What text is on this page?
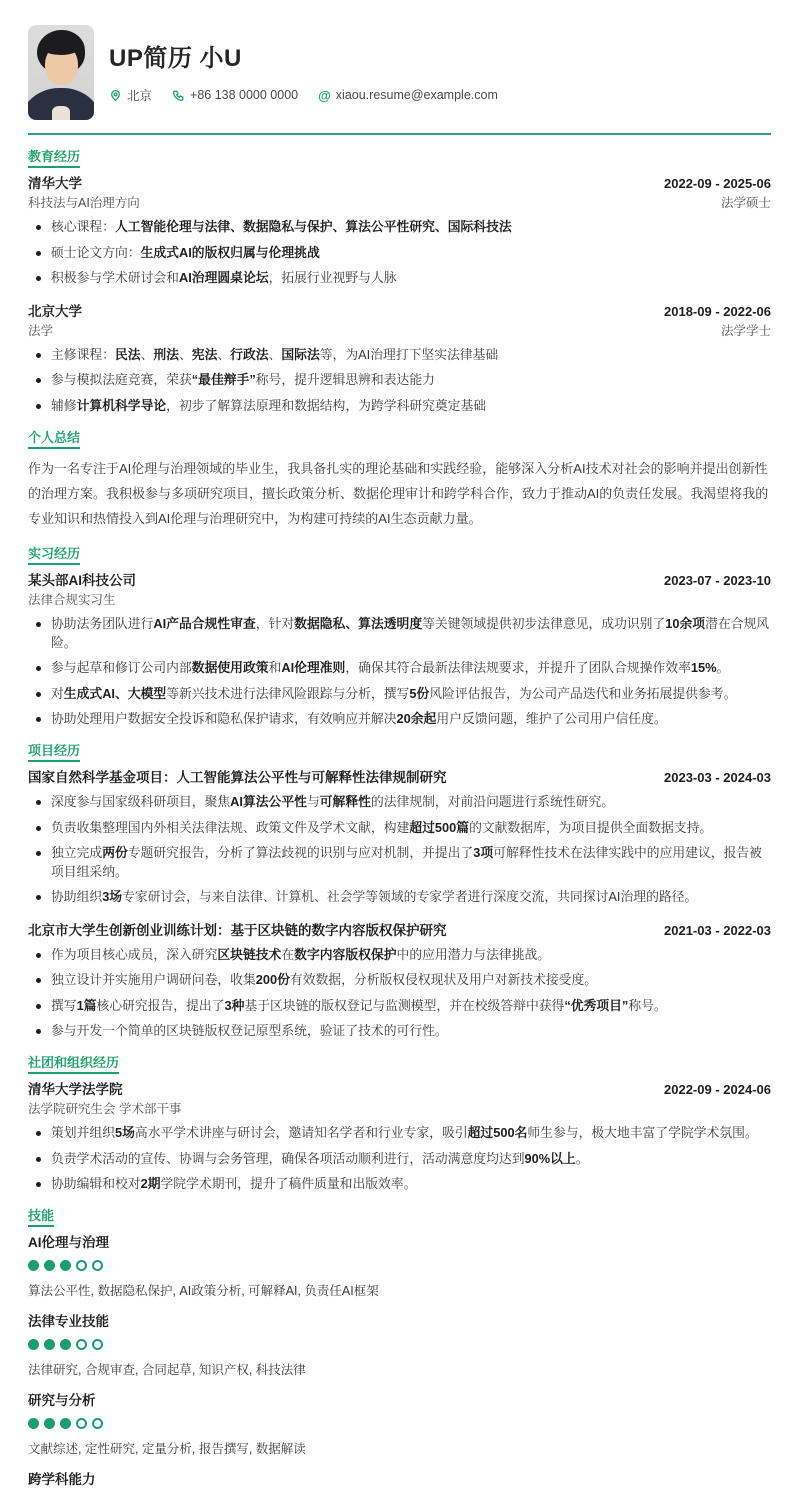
UP简历 小U
北京	+86 138 0000 0000 @ xiaou.resume@example.com
教育经历
清华大学	2022-09 - 2025-06
科技法与AI治理方向	法学硕士
核心课程：人工智能伦理与法律、数据隐私与保护、算法公平性研究、国际科技法
硕士论文方向：生成式AI的版权归属与伦理挑战
积极参与学术研讨会和AI治理圆桌论坛，拓展行业视野与人脉
北京大学	2018-09 - 2022-06
法学	法学学士
主修课程：民法、刑法、宪法、行政法、国际法等，为AI治理打下坚实法律基础
参与模拟法庭竞赛，荣获“最佳辩手”称号，提升逻辑思辨和表达能力
辅修计算机科学导论，初步了解算法原理和数据结构，为跨学科研究奠定基础
个人总结
作为一名专注于AI伦理与治理领域的毕业生，我具备扎实的理论基础和实践经验，能够深入分析AI技术对社会的影响并提出创新性的治理方案。我积极参与多项研究项目，擅长政策分析、数据伦理审计和跨学科合作，致力于推动AI的负责任发展。我渴望将我的专业知识和热情投入到AI伦理与治理研究中，为构建可持续的AI生态贡献力量。
实习经历
某头部AI科技公司	2023-07 - 2023-10
法律合规实习生
协助法务团队进行AI产品合规性审查，针对数据隐私、算法透明度等关键领域提供初步法律意见，成功识别了10余项潜在合规风险。
参与起草和修订公司内部数据使用政策和AI伦理准则，确保其符合最新法律法规要求，并提升了团队合规操作效率15%。
对生成式AI、大模型等新兴技术进行法律风险跟踪与分析，撰写5份风险评估报告，为公司产品迭代和业务拓展提供参考。
协助处理用户数据安全投诉和隐私保护请求，有效响应并解决20余起用户反馈问题，维护了公司用户信任度。
项目经历
国家自然科学基金项目：人工智能算法公平性与可解释性法律规制研究	2023-03 - 2024-03
深度参与国家级科研项目，聚焦AI算法公平性与可解释性的法律规制，对前沿问题进行系统性研究。
负责收集整理国内外相关法律法规、政策文件及学术文献，构建超过500篇的文献数据库，为项目提供全面数据支持。
独立完成两份专题研究报告，分析了算法歧视的识别与应对机制，并提出了3项可解释性技术在法律实践中的应用建议，报告被项目组采纳。
协助组织3场专家研讨会，与来自法律、计算机、社会学等领域的专家学者进行深度交流，共同探讨AI治理的路径。
北京市大学生创新创业训练计划：基于区块链的数字内容版权保护研究	2021-03 - 2022-03
作为项目核心成员，深入研究区块链技术在数字内容版权保护中的应用潜力与法律挑战。
独立设计并实施用户调研问卷，收集200份有效数据，分析版权侵权现状及用户对新技术接受度。
撰写1篇核心研究报告，提出了3种基于区块链的版权登记与监测模型，并在校级答辩中获得“优秀项目”称号。
参与开发一个简单的区块链版权登记原型系统，验证了技术的可行性。
社团和组织经历
清华大学法学院	2022-09 - 2024-06
法学院研究生会 学术部干事
策划并组织5场高水平学术讲座与研讨会，邀请知名学者和行业专家，吸引超过500名师生参与，极大地丰富了学院学术氛围。
负责学术活动的宣传、协调与会务管理，确保各项活动顺利进行，活动满意度均达到90%以上。
协助编辑和校对2期学院学术期刊，提升了稿件质量和出版效率。
技能
AI伦理与治理
算法公平性, 数据隐私保护, AI政策分析, 可解释AI, 负责任AI框架
法律专业技能
法律研究, 合规审查, 合同起草, 知识产权, 科技法律
研究与分析
文献综述, 定性研究, 定量分析, 报告撰写, 数据解读
跨学科能力
